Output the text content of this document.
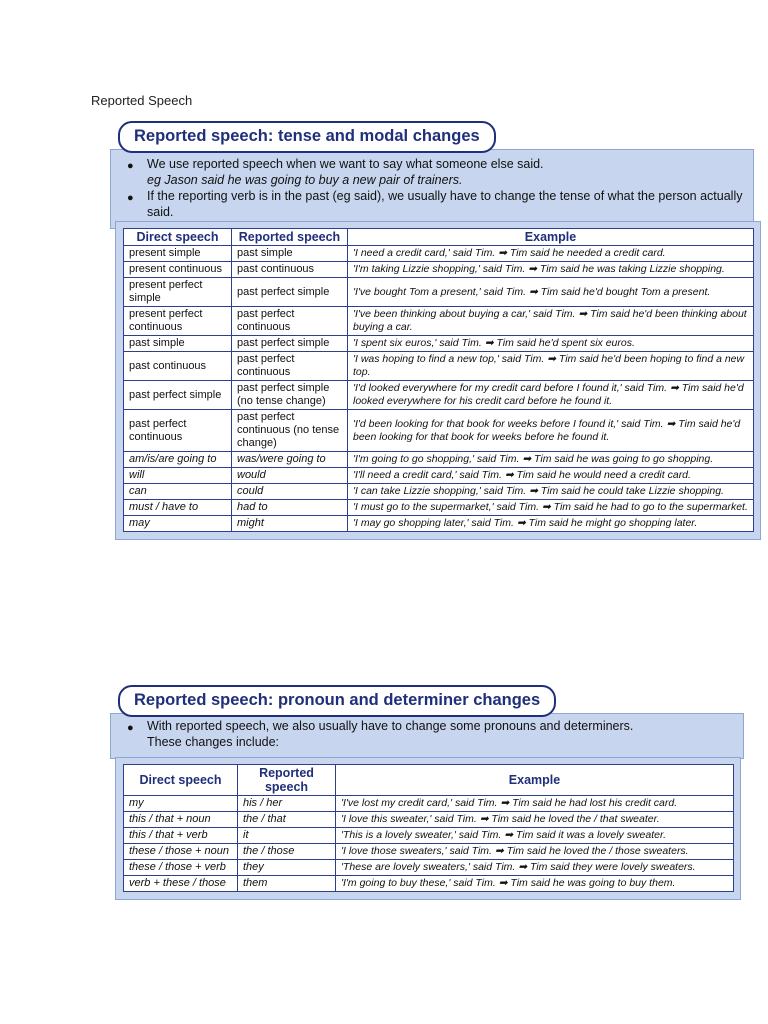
Reported Speech
Reported speech: tense and modal changes
● We use reported speech when we want to say what someone else said.
eg Jason said he was going to buy a new pair of trainers.
● If the reporting verb is in the past (eg said), we usually have to change the tense of what the person actually said.
Direct speech	Reported speech	Example
present simple	past simple	'I need a credit card,' said Tim. ➡ Tim said he needed a credit card.
present continuous	past continuous	'I'm taking Lizzie shopping,' said Tim. ➡ Tim said he was taking Lizzie shopping.
present perfect simple	past perfect simple	'I've bought Tom a present,' said Tim. ➡ Tim said he'd bought Tom a present.
present perfect continuous	past perfect continuous	'I've been thinking about buying a car,' said Tim. ➡ Tim said he'd been thinking about buying a car.
past simple	past perfect simple	'I spent six euros,' said Tim. ➡ Tim said he'd spent six euros.
past continuous	past perfect continuous	'I was hoping to find a new top,' said Tim. ➡ Tim said he'd been hoping to find a new top.
past perfect simple	past perfect simple (no tense change)	'I'd looked everywhere for my credit card before I found it,' said Tim. ➡ Tim said he'd looked everywhere for his credit card before he found it.
past perfect continuous	past perfect continuous (no tense change)	'I'd been looking for that book for weeks before I found it,' said Tim. ➡ Tim said he'd been looking for that book for weeks before he found it.
am/is/are going to	was/were going to	'I'm going to go shopping,' said Tim. ➡ Tim said he was going to go shopping.
will	would	'I'll need a credit card,' said Tim. ➡ Tim said he would need a credit card.
can	could	'I can take Lizzie shopping,' said Tim. ➡ Tim said he could take Lizzie shopping.
must / have to	had to	'I must go to the supermarket,' said Tim. ➡ Tim said he had to go to the supermarket.
may	might	'I may go shopping later,' said Tim. ➡ Tim said he might go shopping later.
Reported speech: pronoun and determiner changes
● With reported speech, we also usually have to change some pronouns and determiners. These changes include:
Direct speech	Reported speech	Example
my	his / her	'I've lost my credit card,' said Tim. ➡ Tim said he had lost his credit card.
this / that + noun	the / that	'I love this sweater,' said Tim. ➡ Tim said he loved the / that sweater.
this / that + verb	it	'This is a lovely sweater,' said Tim. ➡ Tim said it was a lovely sweater.
these / those + noun	the / those	'I love those sweaters,' said Tim. ➡ Tim said he loved the / those sweaters.
these / those + verb	they	'These are lovely sweaters,' said Tim. ➡ Tim said they were lovely sweaters.
verb + these / those	them	'I'm going to buy these,' said Tim. ➡ Tim said he was going to buy them.
